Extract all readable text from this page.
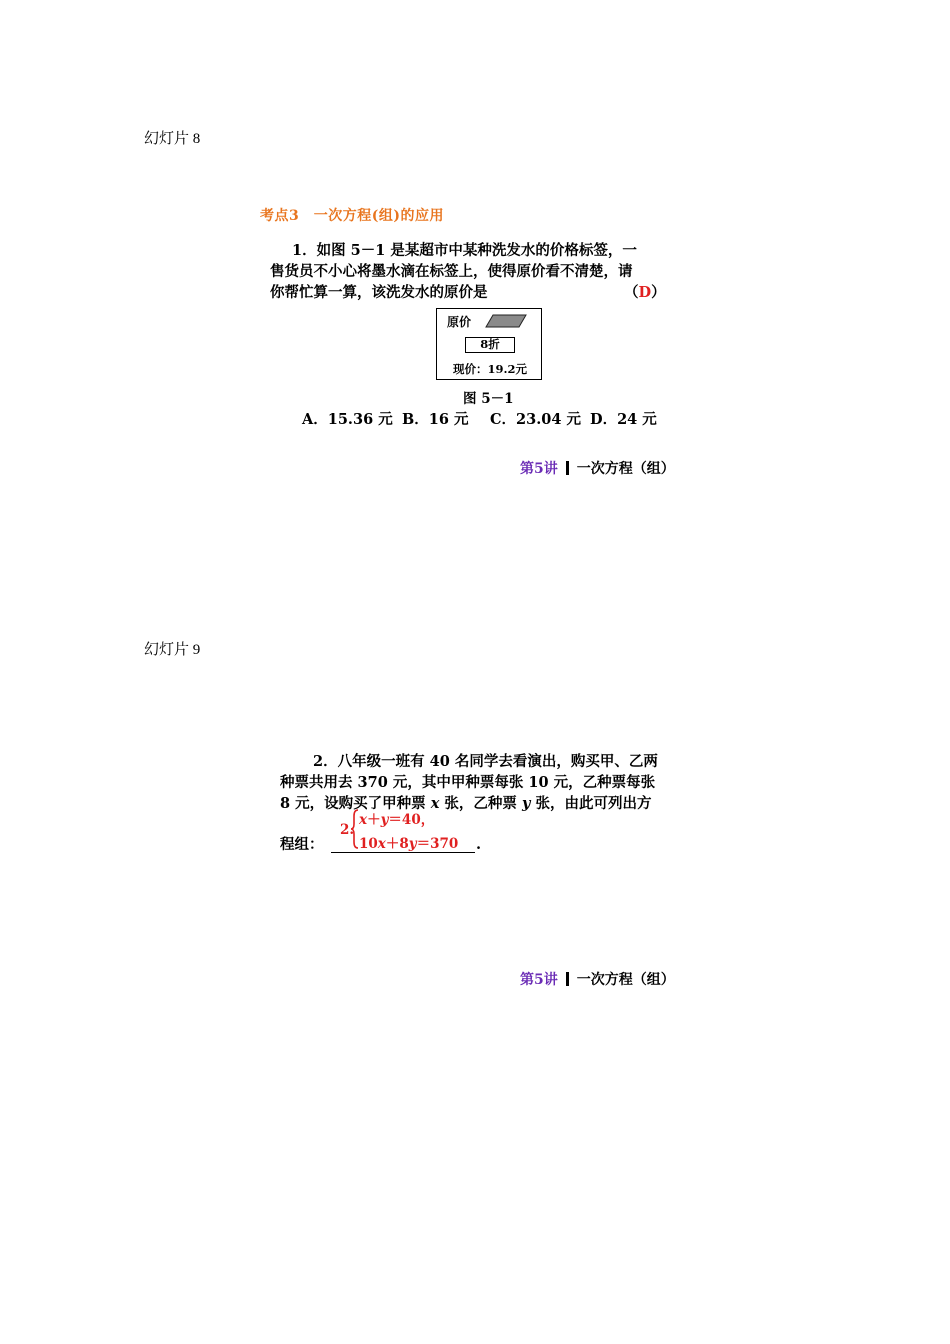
幻灯片 8
考点3　一次方程(组)的应用
1．如图 5－1 是某超市中某种洗发水的价格标签，一
售货员不小心将墨水滴在标签上，使得原价看不清楚，请
你帮忙算一算，该洗发水的原价是	（D）
原价
8折
现价：19.2元
图 5－1
A．15.36 元 B．16 元 C．23.04 元 D．24 元
第5讲 一次方程（组）
幻灯片 9
2．八年级一班有 40 名同学去看演出，购买甲、乙两
种票共用去 370 元，其中甲种票每张 10 元，乙种票每张
8 元，设购买了甲种票 x 张，乙种票 y 张，由此可列出方
程组：	.
2.
x＋y＝40，
10x＋8y＝370
第5讲 一次方程（组）
